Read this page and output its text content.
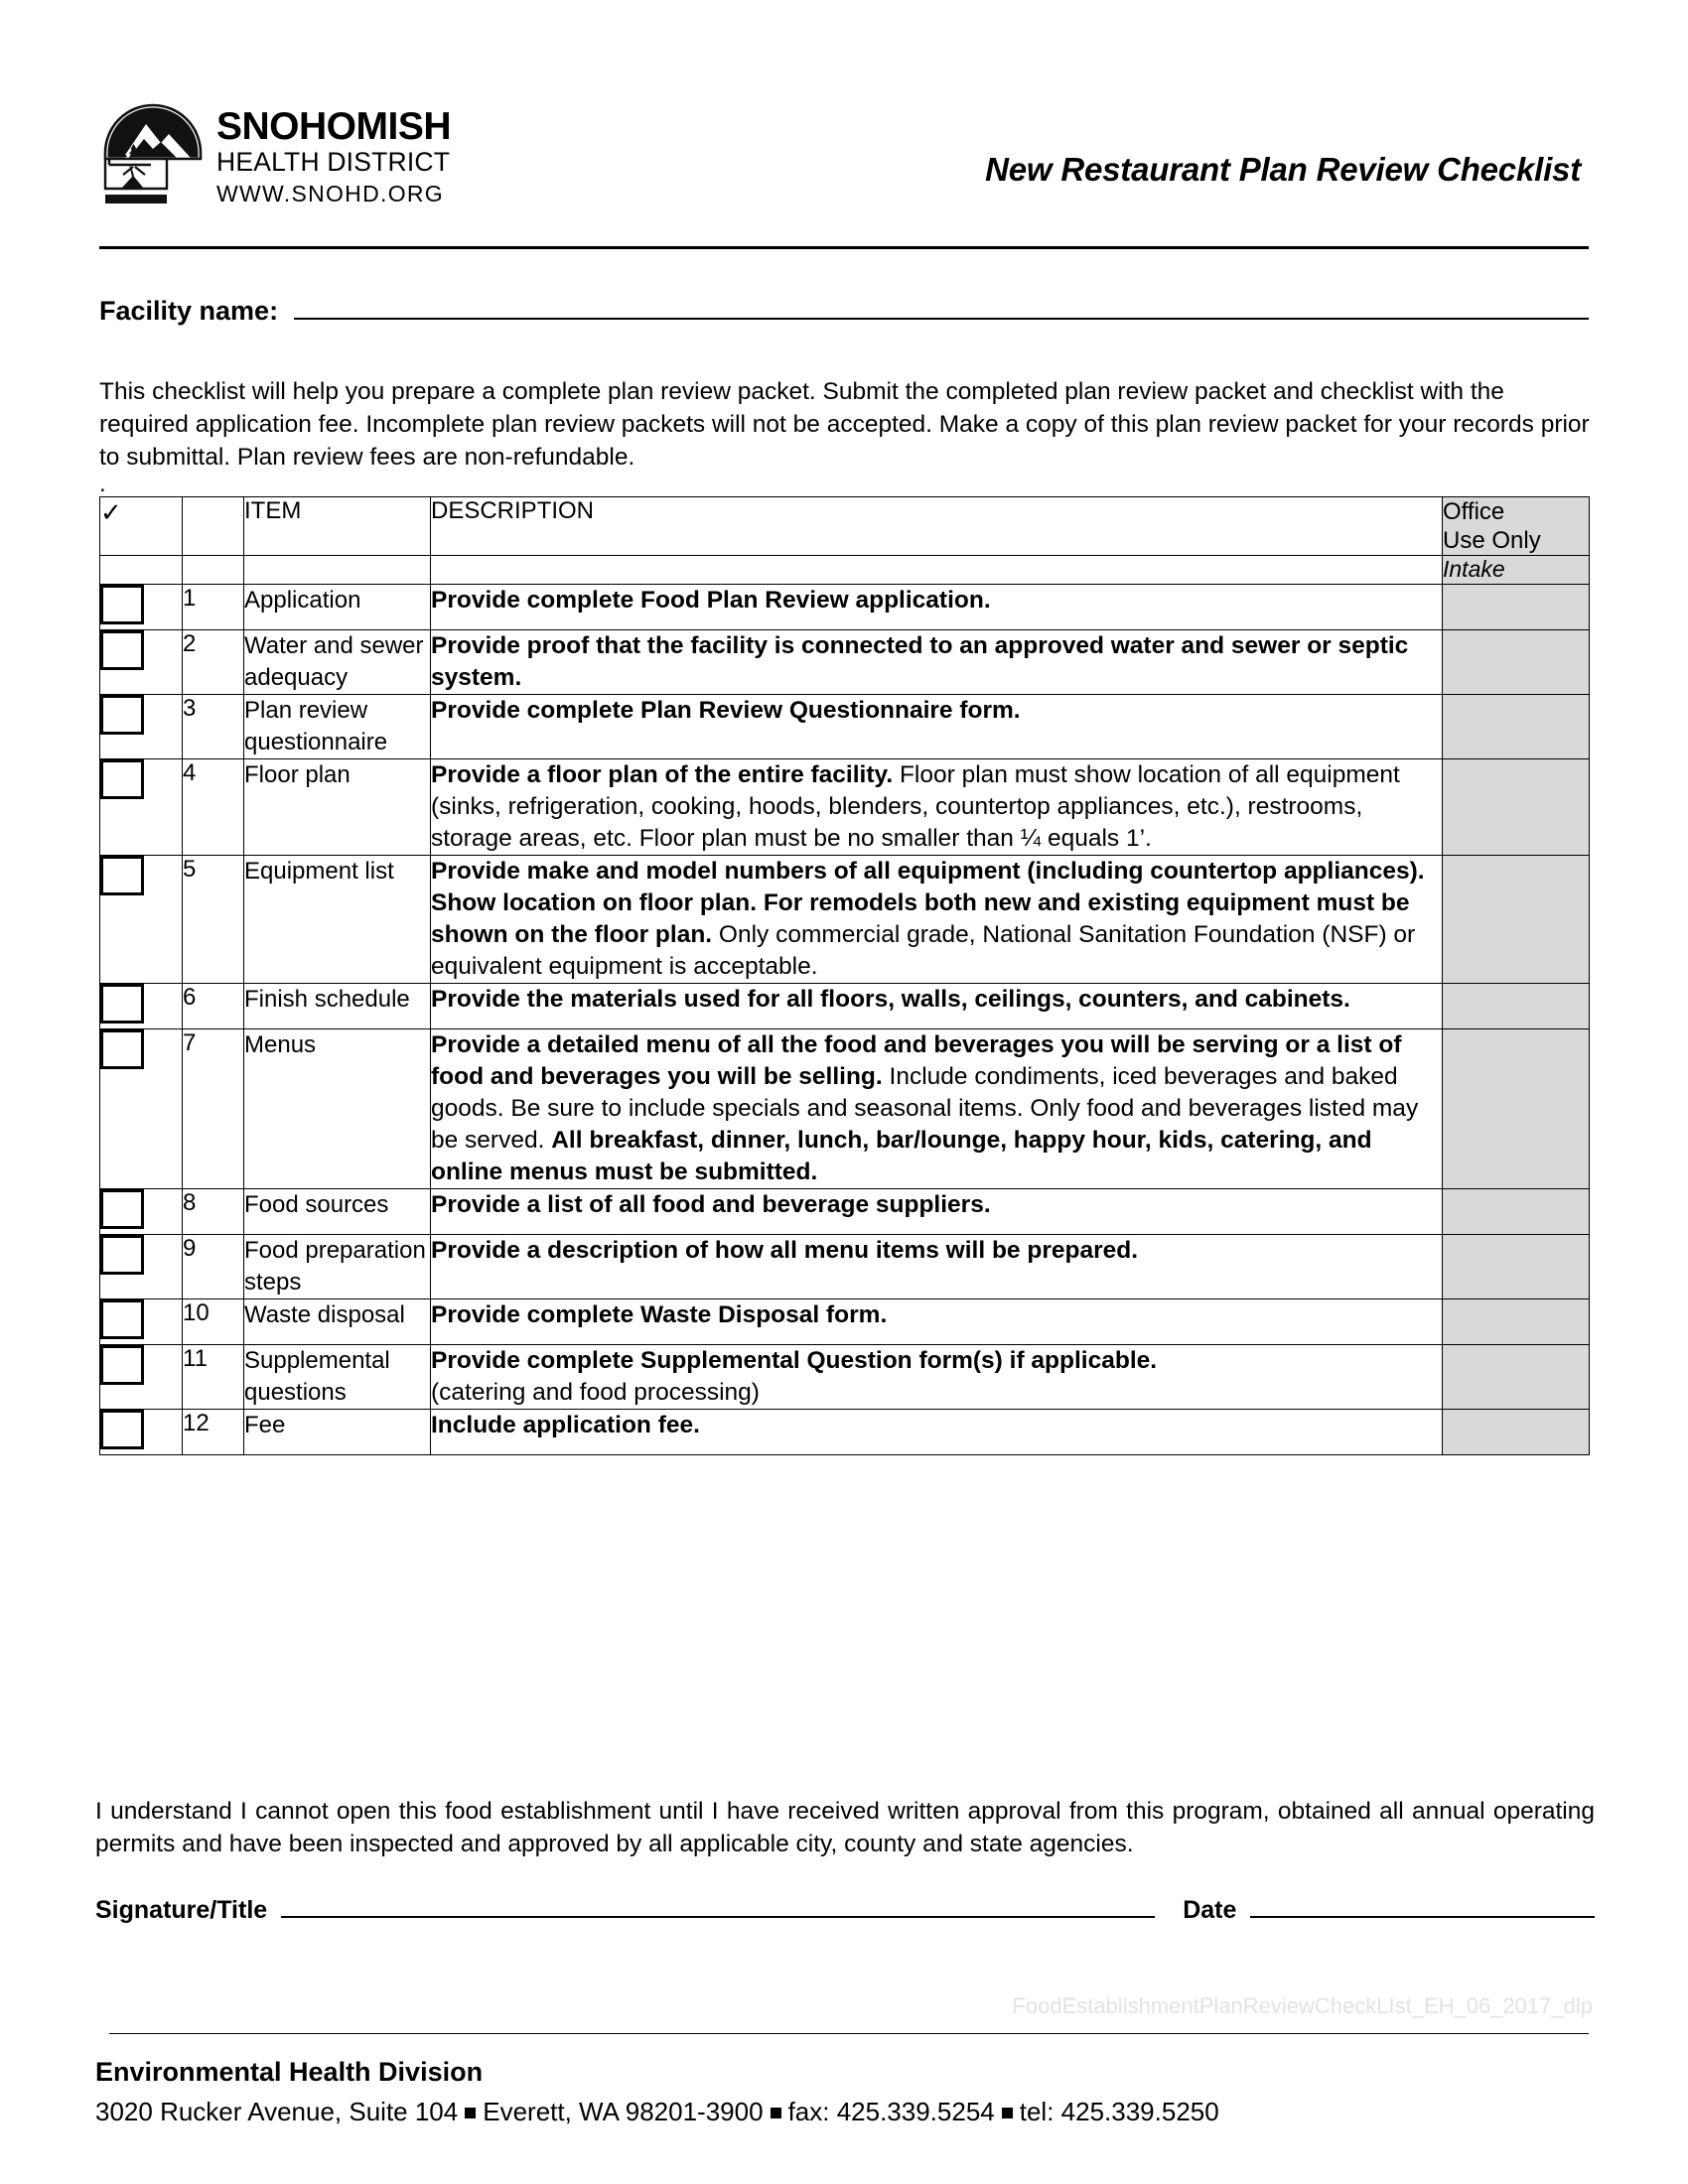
SNOHOMISH
HEALTH DISTRICT
WWW.SNOHD.ORG
New Restaurant Plan Review Checklist
Facility name:
This checklist will help you prepare a complete plan review packet. Submit the completed plan review packet and checklist with the required application fee. Incomplete plan review packets will not be accepted. Make a copy of this plan review packet for your records prior to submittal. Plan review fees are non-refundable.
.
✓		ITEM	DESCRIPTION	Office
Use Only
				Intake
	1	Application	Provide complete Food Plan Review application.	
	2	Water and sewer adequacy	Provide proof that the facility is connected to an approved water and sewer or septic system.	
	3	Plan review questionnaire	Provide complete Plan Review Questionnaire form.	
	4	Floor plan	Provide a floor plan of the entire facility. Floor plan must show location of all equipment (sinks, refrigeration, cooking, hoods, blenders, countertop appliances, etc.), restrooms, storage areas, etc. Floor plan must be no smaller than ¼ equals 1’.	
	5	Equipment list	Provide make and model numbers of all equipment (including countertop appliances). Show location on floor plan. For remodels both new and existing equipment must be shown on the floor plan. Only commercial grade, National Sanitation Foundation (NSF) or equivalent equipment is acceptable.	
	6	Finish schedule	Provide the materials used for all floors, walls, ceilings, counters, and cabinets.	
	7	Menus	Provide a detailed menu of all the food and beverages you will be serving or a list of food and beverages you will be selling. Include condiments, iced beverages and baked goods. Be sure to include specials and seasonal items. Only food and beverages listed may be served. All breakfast, dinner, lunch, bar/lounge, happy hour, kids, catering, and online menus must be submitted.	
	8	Food sources	Provide a list of all food and beverage suppliers.	
	9	Food preparation steps	Provide a description of how all menu items will be prepared.	
	10	Waste disposal	Provide complete Waste Disposal form.	
	11	Supplemental questions	Provide complete Supplemental Question form(s) if applicable.
(catering and food processing)	

	12	Fee	Include application fee.	
I understand I cannot open this food establishment until I have received written approval from this program, obtained all annual operating permits and have been inspected and approved by all applicable city, county and state agencies.
Signature/Title	Date
FoodEstablishmentPlanReviewCheckLIst_EH_06_2017_dlp
Environmental Health Division
3020 Rucker Avenue, Suite 104 Everett, WA 98201-3900 fax: 425.339.5254 tel: 425.339.5250
